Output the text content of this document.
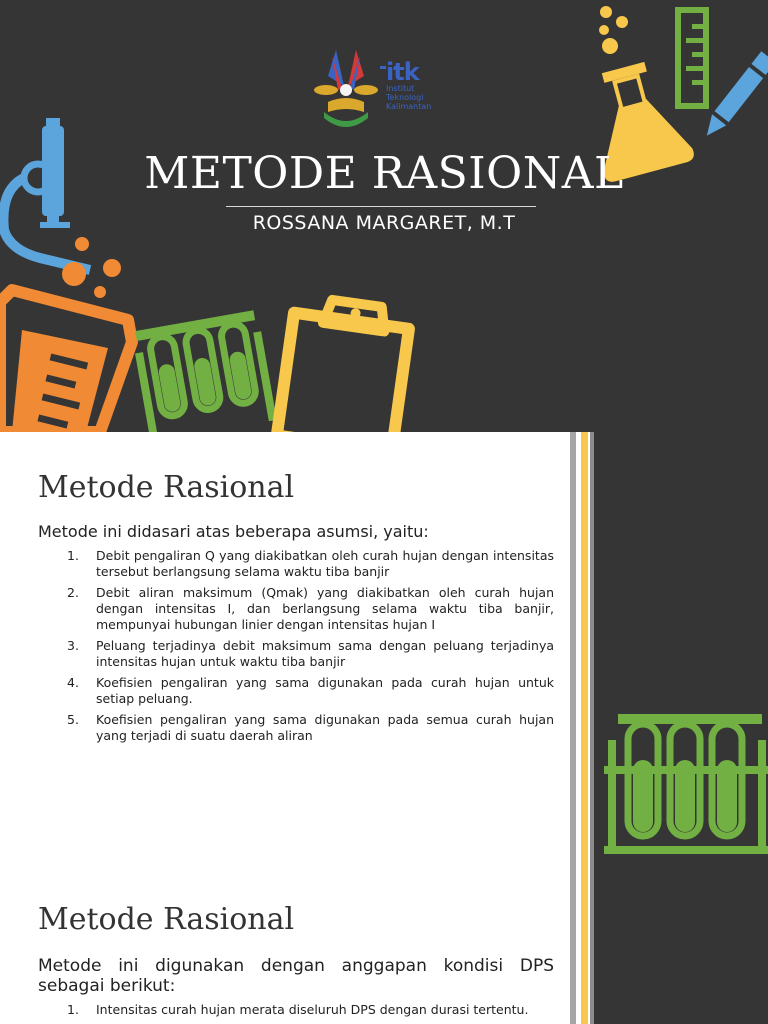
itk
Institut
Teknologi
Kalimantan
METODE RASIONAL
ROSSANA MARGARET, M.T
Metode Rasional
Metode ini didasari atas beberapa asumsi, yaitu:
1. Debit pengaliran Q yang diakibatkan oleh curah hujan dengan intensitas tersebut berlangsung selama waktu tiba banjir
2. Debit aliran maksimum (Qmak) yang diakibatkan oleh curah hujan dengan intensitas I, dan berlangsung selama waktu tiba banjir, mempunyai hubungan linier dengan intensitas hujan I
3. Peluang terjadinya debit maksimum sama dengan peluang terjadinya intensitas hujan untuk waktu tiba banjir
4. Koefisien pengaliran yang sama digunakan pada curah hujan untuk setiap peluang.
5. Koefisien pengaliran yang sama digunakan pada semua curah hujan yang terjadi di suatu daerah aliran
Metode Rasional
Metode ini digunakan dengan anggapan kondisi DPS sebagai berikut:
1. Intensitas curah hujan merata diseluruh DPS dengan durasi tertentu.
